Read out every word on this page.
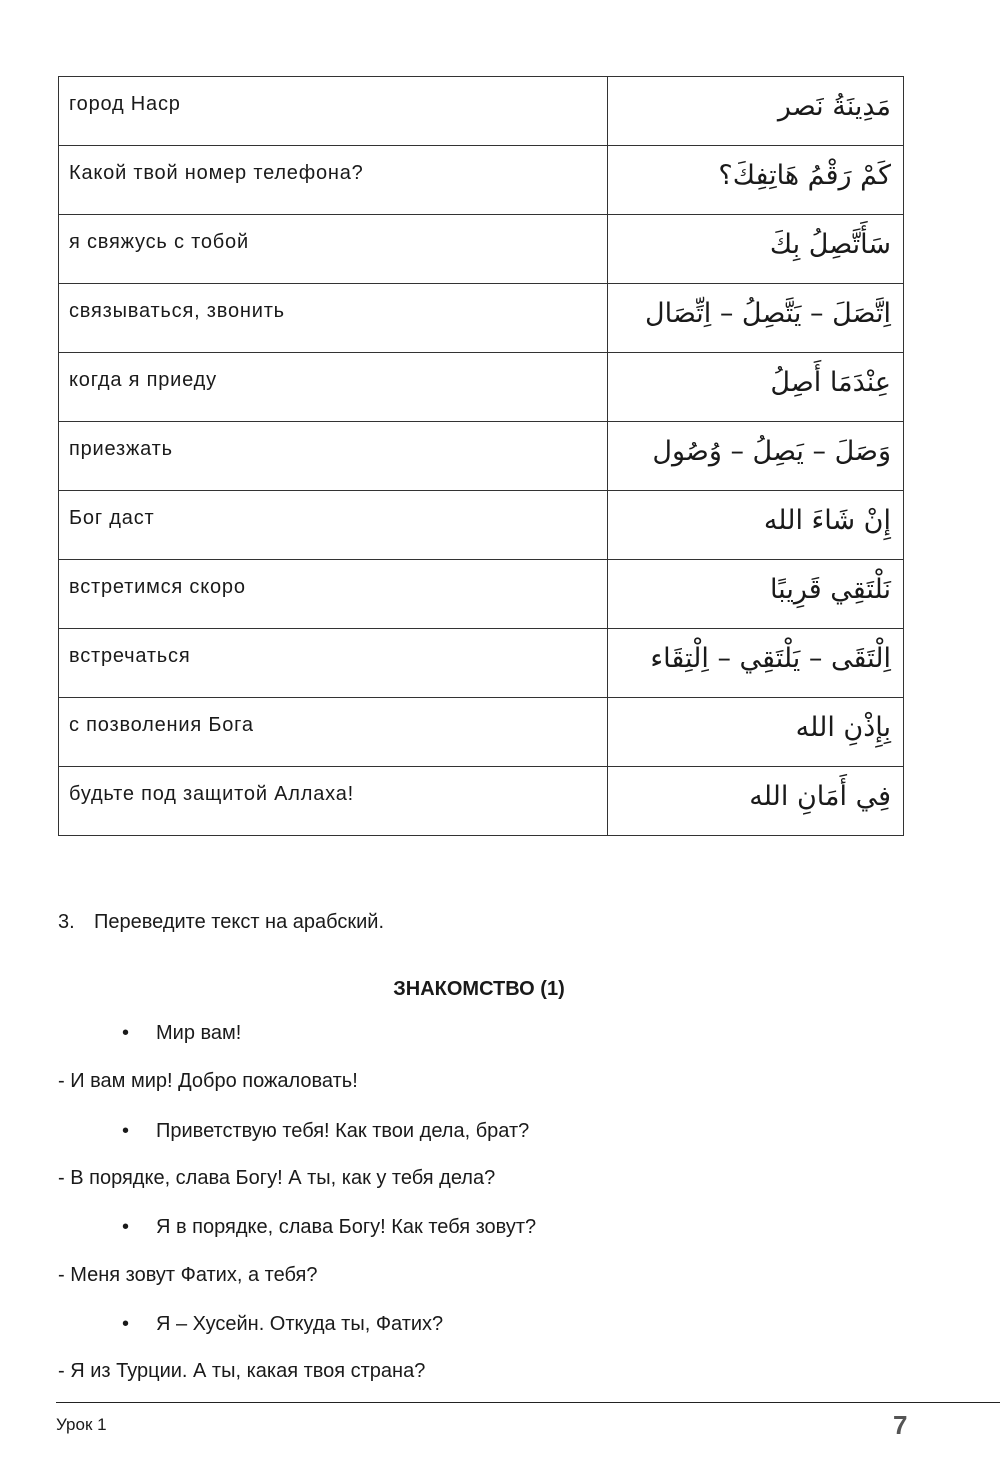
город Наср	مَدِينَةُ نَصر
Какой твой номер телефона?	كَمْ رَقْمُ هَاتِفِكَ؟
я свяжусь с тобой	سَأَتَّصِلُ بِكَ
связываться, звонить	اِتَّصَلَ – يَتَّصِلُ – اِتِّصَال
когда я приеду	عِنْدَمَا أَصِلُ
приезжать	وَصَلَ – يَصِلُ – وُصُول
Бог даст	إِنْ شَاءَ الله
встретимся скоро	نَلْتَقِي قَرِيبًا
встречаться	اِلْتَقَى – يَلْتَقِي – اِلْتِقَاء
с позволения Бога	بِإِذْنِ الله
будьте под защитой Аллаха!	فِي أَمَانِ الله
3. Переведите текст на арабский.
ЗНАКОМСТВО (1)
• Мир вам!
- И вам мир! Добро пожаловать!
• Приветствую тебя! Как твои дела, брат?
- В порядке, слава Богу! А ты, как у тебя дела?
• Я в порядке, слава Богу! Как тебя зовут?
- Меня зовут Фатих, а тебя?
• Я – Хусейн. Откуда ты, Фатих?
- Я из Турции. А ты, какая твоя страна?
Урок 1	7
